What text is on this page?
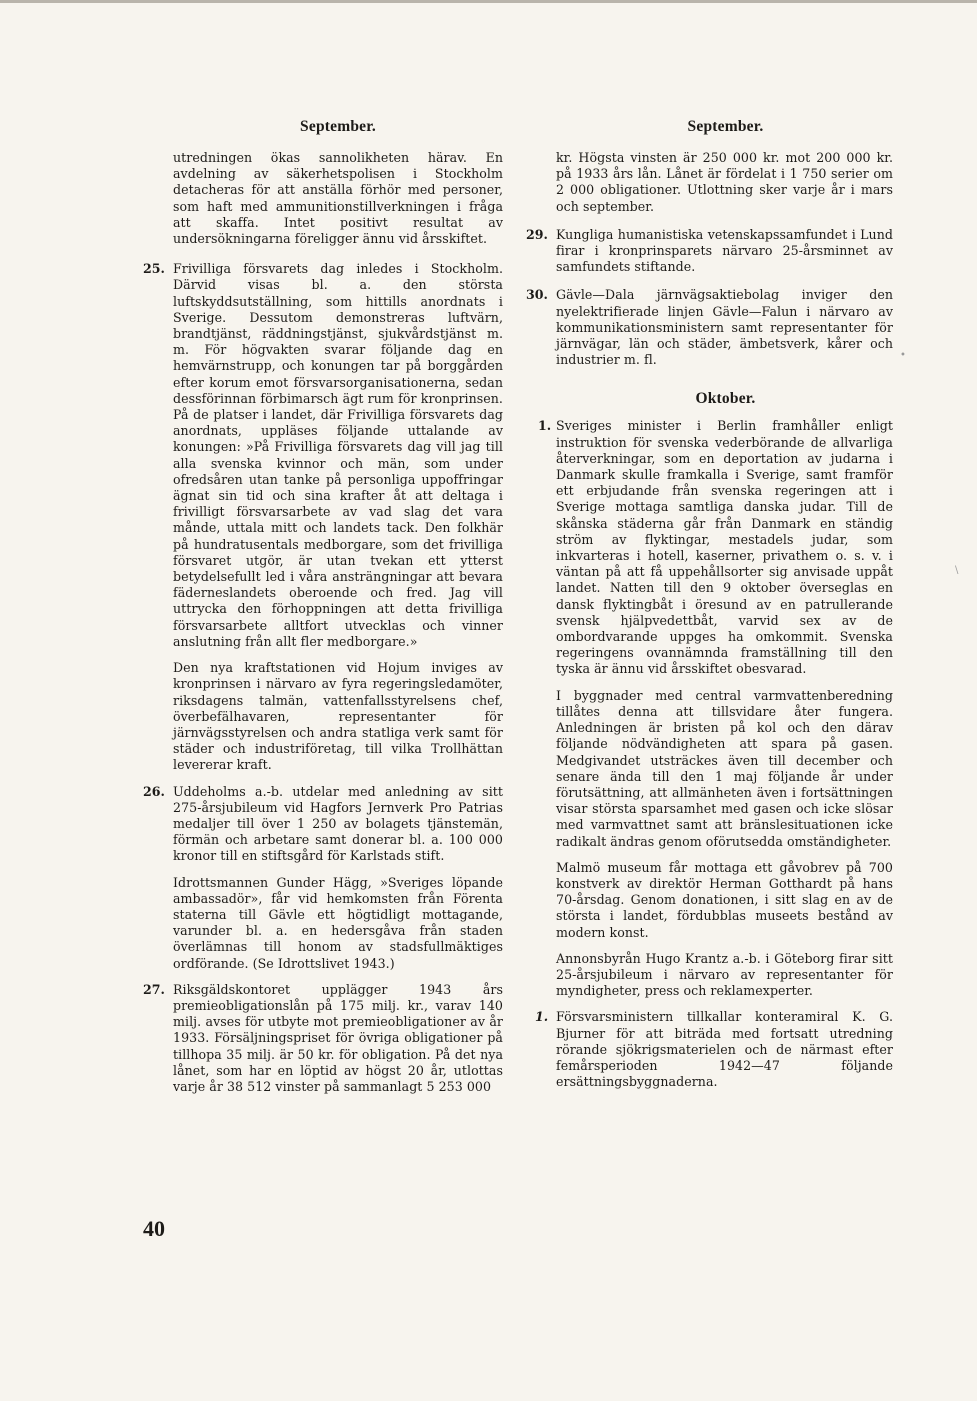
September.

utredningen ökas sannolikheten härav. En avdelning av säkerhetspolisen i Stockholm detacheras för att anställa förhör med personer, som haft med ammunitionstillverkningen i fråga att skaffa. Intet positivt resultat av undersökningarna föreligger ännu vid årsskiftet.

25. Frivilliga försvarets dag inledes i Stockholm. Därvid visas bl. a. den största luftskyddsutställning, som hittills anordnats i Sverige. Dessutom demonstreras luftvärn, brandtjänst, räddningstjänst, sjukvårdstjänst m. m. För högvakten svarar följande dag en hemvärnstrupp, och konungen tar på borggården efter korum emot försvarsorganisationerna, sedan dessförinnan förbimarsch ägt rum för kronprinsen. På de platser i landet, där Frivilliga försvarets dag anordnats, uppläses följande uttalande av konungen: »På Frivilliga försvarets dag vill jag till alla svenska kvinnor och män, som under ofredsåren utan tanke på personliga uppoffringar ägnat sin tid och sina krafter åt att deltaga i frivilligt försvarsarbete av vad slag det vara månde, uttala mitt och landets tack. Den folkhär på hundratusentals medborgare, som det frivilliga försvaret utgör, är utan tvekan ett ytterst betydelsefullt led i våra ansträngningar att bevara fäderneslandets oberoende och fred. Jag vill uttrycka den förhoppningen att detta frivilliga försvarsarbete alltfort utvecklas och vinner anslutning från allt fler medborgare.»

Den nya kraftstationen vid Hojum inviges av kronprinsen i närvaro av fyra regeringsledamöter, riksdagens talmän, vattenfallsstyrelsens chef, överbefälhavaren, representanter för järnvägsstyrelsen och andra statliga verk samt för städer och industriföretag, till vilka Trollhättan levererar kraft.

26. Uddeholms a.-b. utdelar med anledning av sitt 275-årsjubileum vid Hagfors Jernverk Pro Patrias medaljer till över 1 250 av bolagets tjänstemän, förmän och arbetare samt donerar bl. a. 100 000 kronor till en stiftsgård för Karlstads stift.

Idrottsmannen Gunder Hägg, »Sveriges löpande ambassadör», får vid hemkomsten från Förenta staterna till Gävle ett högtidligt mottagande, varunder bl. a. en hedersgåva från staden överlämnas till honom av stadsfullmäktiges ordförande. (Se Idrottslivet 1943.)

27. Riksgäldskontoret upplägger 1943 års premieobligationslån på 175 milj. kr., varav 140 milj. avses för utbyte mot premieobligationer av år 1933. Försäljningspriset för övriga obligationer på tillhopa 35 milj. är 50 kr. för obligation. På det nya lånet, som har en löptid av högst 20 år, utlottas varje år 38 512 vinster på sammanlagt 5 253 000

September.

kr. Högsta vinsten är 250 000 kr. mot 200 000 kr. på 1933 års lån. Lånet är fördelat i 1 750 serier om 2 000 obligationer. Utlottning sker varje år i mars och september.

29. Kungliga humanistiska vetenskapssamfundet i Lund firar i kronprinsparets närvaro 25-årsminnet av samfundets stiftande.

30. Gävle—Dala järnvägsaktiebolag inviger den nyelektrifierade linjen Gävle—Falun i närvaro av kommunikationsministern samt representanter för järnvägar, län och städer, ämbetsverk, kårer och industrier m. fl.

Oktober.
1. Sveriges minister i Berlin framhåller enligt instruktion för svenska vederbörande de allvarliga återverkningar, som en deportation av judarna i Danmark skulle framkalla i Sverige, samt framför ett erbjudande från svenska regeringen att i Sverige mottaga samtliga danska judar. Till de skånska städerna går från Danmark en ständig ström av flyktingar, mestadels judar, som inkvarteras i hotell, kaserner, privathem o. s. v. i väntan på att få uppehållsorter sig anvisade uppåt landet. Natten till den 9 oktober överseglas en dansk flyktingbåt i öresund av en patrullerande svensk hjälpvedettbåt, varvid sex av de ombordvarande uppges ha omkommit. Svenska regeringens ovannämnda framställning till den tyska är ännu vid årsskiftet obesvarad.

I byggnader med central varmvattenberedning tillåtes denna att tillsvidare åter fungera. Anledningen är bristen på kol och den därav följande nödvändigheten att spara på gasen. Medgivandet utsträckes även till december och senare ända till den 1 maj följande år under förutsättning, att allmänheten även i fortsättningen visar största sparsamhet med gasen och icke slösar med varmvattnet samt att bränslesituationen icke radikalt ändras genom oförutsedda omständigheter.

Malmö museum får mottaga ett gåvobrev på 700 konstverk av direktör Herman Gotthardt på hans 70-årsdag. Genom donationen, i sitt slag en av de största i landet, fördubblas museets bestånd av modern konst.

Annonsbyrån Hugo Krantz a.-b. i Göteborg firar sitt 25-årsjubileum i närvaro av representanter för myndigheter, press och reklamexperter.

1. Försvarsministern tillkallar konteramiral K. G. Bjurner för att biträda med fortsatt utredning rörande sjökrigsmaterielen och de närmast efter femårsperioden 1942—47 följande ersättningsbyggnaderna.

40
•
\
